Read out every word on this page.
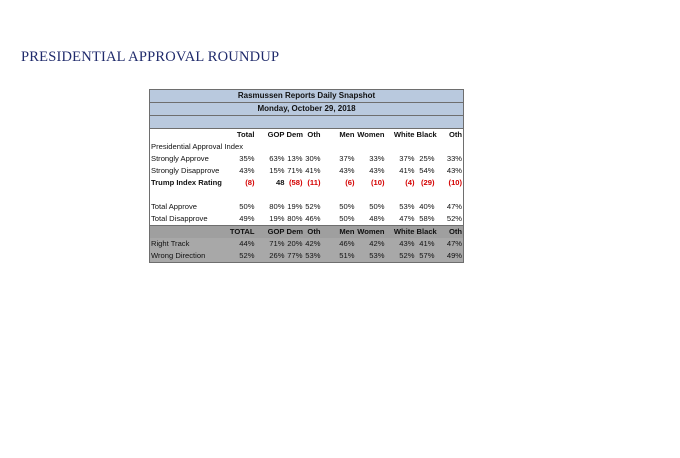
PRESIDENTIAL APPROVAL ROUNDUP
Rasmussen Reports Daily Snapshot									
Monday, October 29, 2018									

	Total	GOP	Dem	Oth	Men	Women	White	Black	Oth
Presidential Approval Index									
Strongly Approve	35%	63%	13%	30%	37%	33%	37%	25%	33%
Strongly Disapprove	43%	15%	71%	41%	43%	43%	41%	54%	43%
Trump Index Rating	(8)	48	(58)	(11)	(6)	(10)	(4)	(29)	(10)

Total Approve	50%	80%	19%	52%	50%	50%	53%	40%	47%
Total Disapprove	49%	19%	80%	46%	50%	48%	47%	58%	52%
	TOTAL	GOP	Dem	Oth	Men	Women	White	Black	Oth
Right Track	44%	71%	20%	42%	46%	42%	43%	41%	47%
Wrong Direction	52%	26%	77%	53%	51%	53%	52%	57%	49%
